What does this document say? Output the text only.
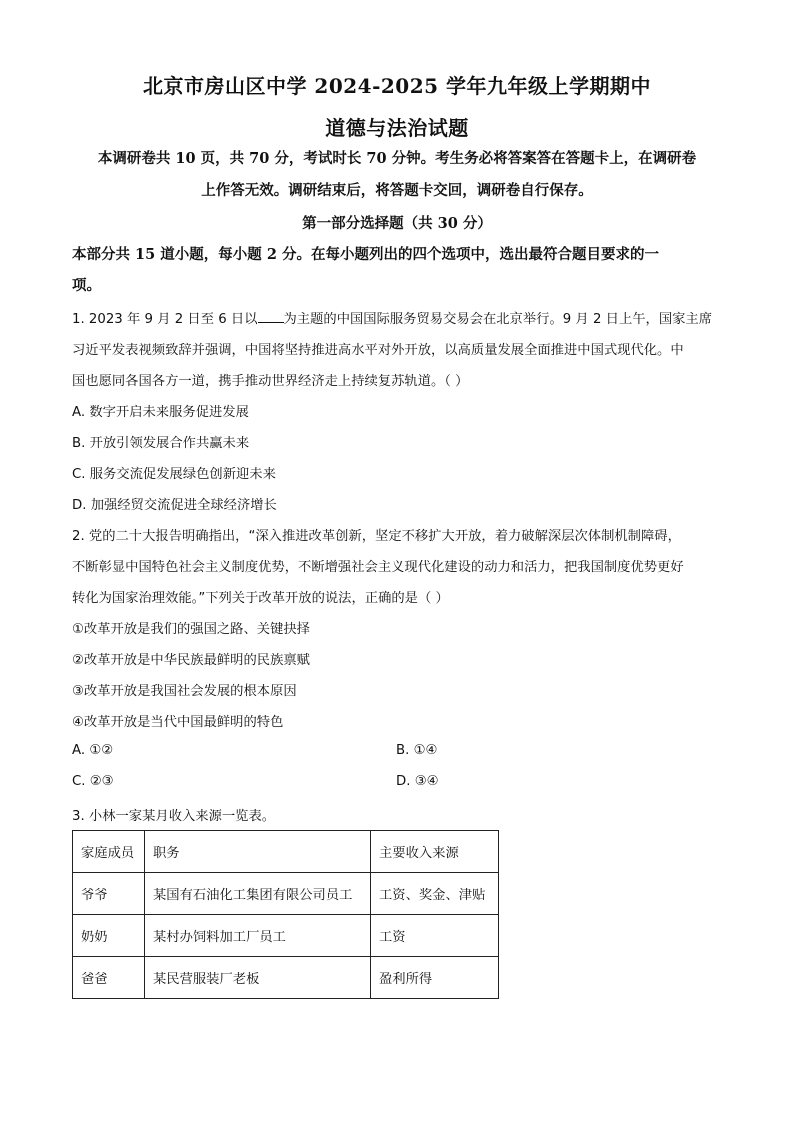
北京市房山区中学 2024-2025 学年九年级上学期期中
道德与法治试题
本调研卷共 10 页，共 70 分，考试时长 70 分钟。考生务必将答案答在答题卡上，在调研卷
上作答无效。调研结束后，将答题卡交回，调研卷自行保存。
第一部分选择题（共 30 分）
本部分共 15 道小题，每小题 2 分。在每小题列出的四个选项中，选出最符合题目要求的一
项。
1. 2023 年 9 月 2 日至 6 日以 为主题的中国国际服务贸易交易会在北京举行。9 月 2 日上午，国家主席
习近平发表视频致辞并强调，中国将坚持推进高水平对外开放，以高质量发展全面推进中国式现代化。中
国也愿同各国各方一道，携手推动世界经济走上持续复苏轨道。（ ）
A. 数字开启未来服务促进发展
B. 开放引领发展合作共赢未来
C. 服务交流促发展绿色创新迎未来
D. 加强经贸交流促进全球经济增长
2. 党的二十大报告明确指出，“深入推进改革创新，坚定不移扩大开放，着力破解深层次体制机制障碍，
不断彰显中国特色社会主义制度优势，不断增强社会主义现代化建设的动力和活力，把我国制度优势更好
转化为国家治理效能。”下列关于改革开放的说法，正确的是（ ）
①改革开放是我们的强国之路、关键抉择
②改革开放是中华民族最鲜明的民族禀赋
③改革开放是我国社会发展的根本原因
④改革开放是当代中国最鲜明的特色
A. ①②	B. ①④
C. ②③	D. ③④
3. 小林一家某月收入来源一览表。
家庭成员	职务	主要收入来源
爷爷	某国有石油化工集团有限公司员工	工资、奖金、津贴
奶奶	某村办饲料加工厂员工	工资
爸爸	某民营服装厂老板	盈利所得
